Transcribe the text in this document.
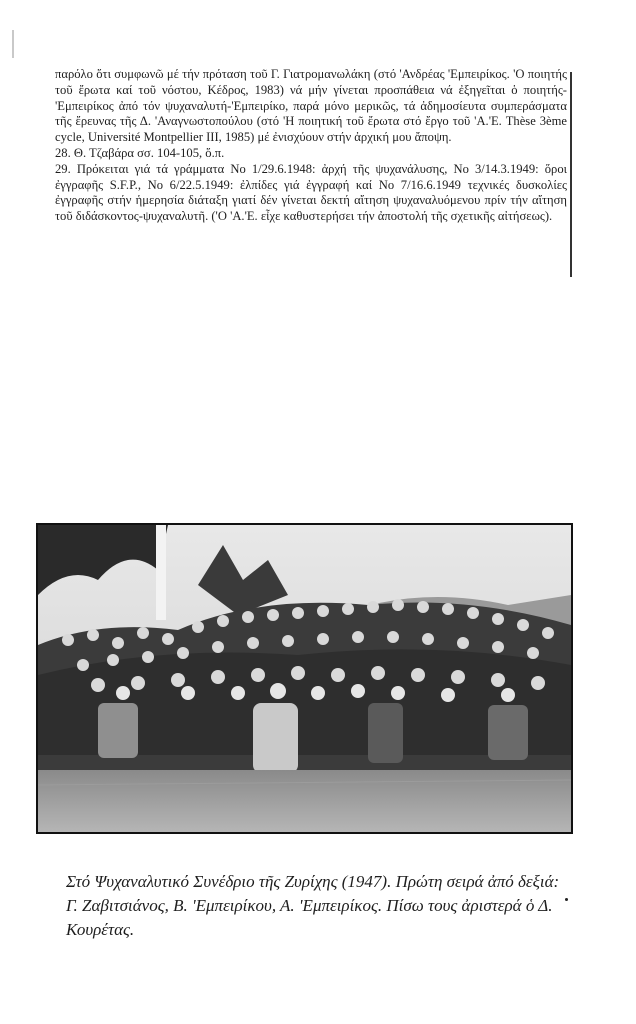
παρόλο ὅτι συμφωνῶ μέ τήν πρόταση τοῦ Γ. Γιατρομανωλάκη (στό 'Ανδρέας 'Εμπειρίκος. 'Ο ποιητής τοῦ ἔρωτα καί τοῦ νόστου, Κέδρος, 1983) νά μήν γίνεται προσπάθεια νά ἐξηγεῖται ὁ ποιητής-'Εμπειρίκος ἀπό τόν ψυχαναλυτή-'Εμπειρίκο, παρά μόνο μερικῶς, τά ἀδημοσίευτα συμπεράσματα τῆς ἔρευνας τῆς Δ. 'Αναγνωστοπούλου (στό 'Η ποιητική τοῦ ἔρωτα στό ἔργο τοῦ 'Α.'Ε. Thèse 3ème cycle, Université Montpellier III, 1985) μέ ἐνισχύουν στήν ἀρχική μου ἄποψη.

28. Θ. Τζαβάρα σσ. 104-105, ὅ.π.

29. Πρόκειται γιά τά γράμματα Νο 1/29.6.1948: ἀρχή τῆς ψυχανάλυσης, Νο 3/14.3.1949: ὅροι ἐγγραφῆς S.F.P., No 6/22.5.1949: ἐλπίδες γιά ἐγγραφή καί Νο 7/16.6.1949 τεχνικές δυσκολίες ἐγγραφῆς στήν ἡμερησία διάταξη γιατί δέν γίνεται δεκτή αἴτηση ψυχαναλυόμενου πρίν τήν αἴτηση τοῦ διδάσκοντος-ψυχαναλυτῆ. ('Ο 'Α.'Ε. εἶχε καθυστερήσει τήν ἀποστολή τῆς σχετικῆς αἰτήσεως).

Στό Ψυχαναλυτικό Συνέδριο τῆς Ζυρίχης (1947). Πρώτη σειρά ἀπό δεξιά: Γ. Ζαβιτσιάνος, Β. 'Εμπειρίκου, Α. 'Εμπειρίκος. Πίσω τους ἀριστερά ὁ Δ. Κουρέτας.
